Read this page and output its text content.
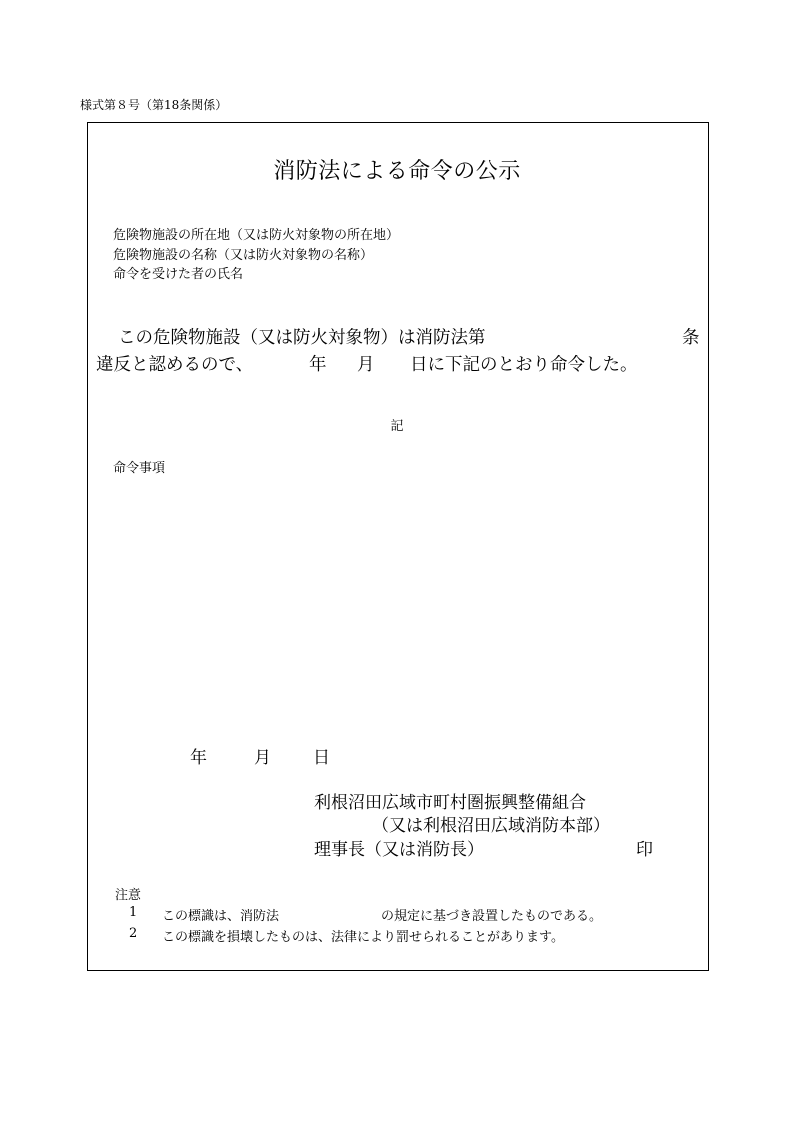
様式第８号（第18条関係）
消防法による命令の公示
危険物施設の所在地（又は防火対象物の所在地）
危険物施設の名称（又は防火対象物の名称）
命令を受けた者の氏名
この危険物施設（又は防火対象物）は消防法第	条
違反と認めるので、	年 月 日に下記のとおり命令した。
記
命令事項
年	月 日
利根沼田広域市町村圏振興整備組合
（又は利根沼田広域消防本部）
理事長（又は消防長）	印
注意
1 この標識は、消防法	の規定に基づき設置したものである。
2 この標識を損壊したものは、法律により罰せられることがあります。
